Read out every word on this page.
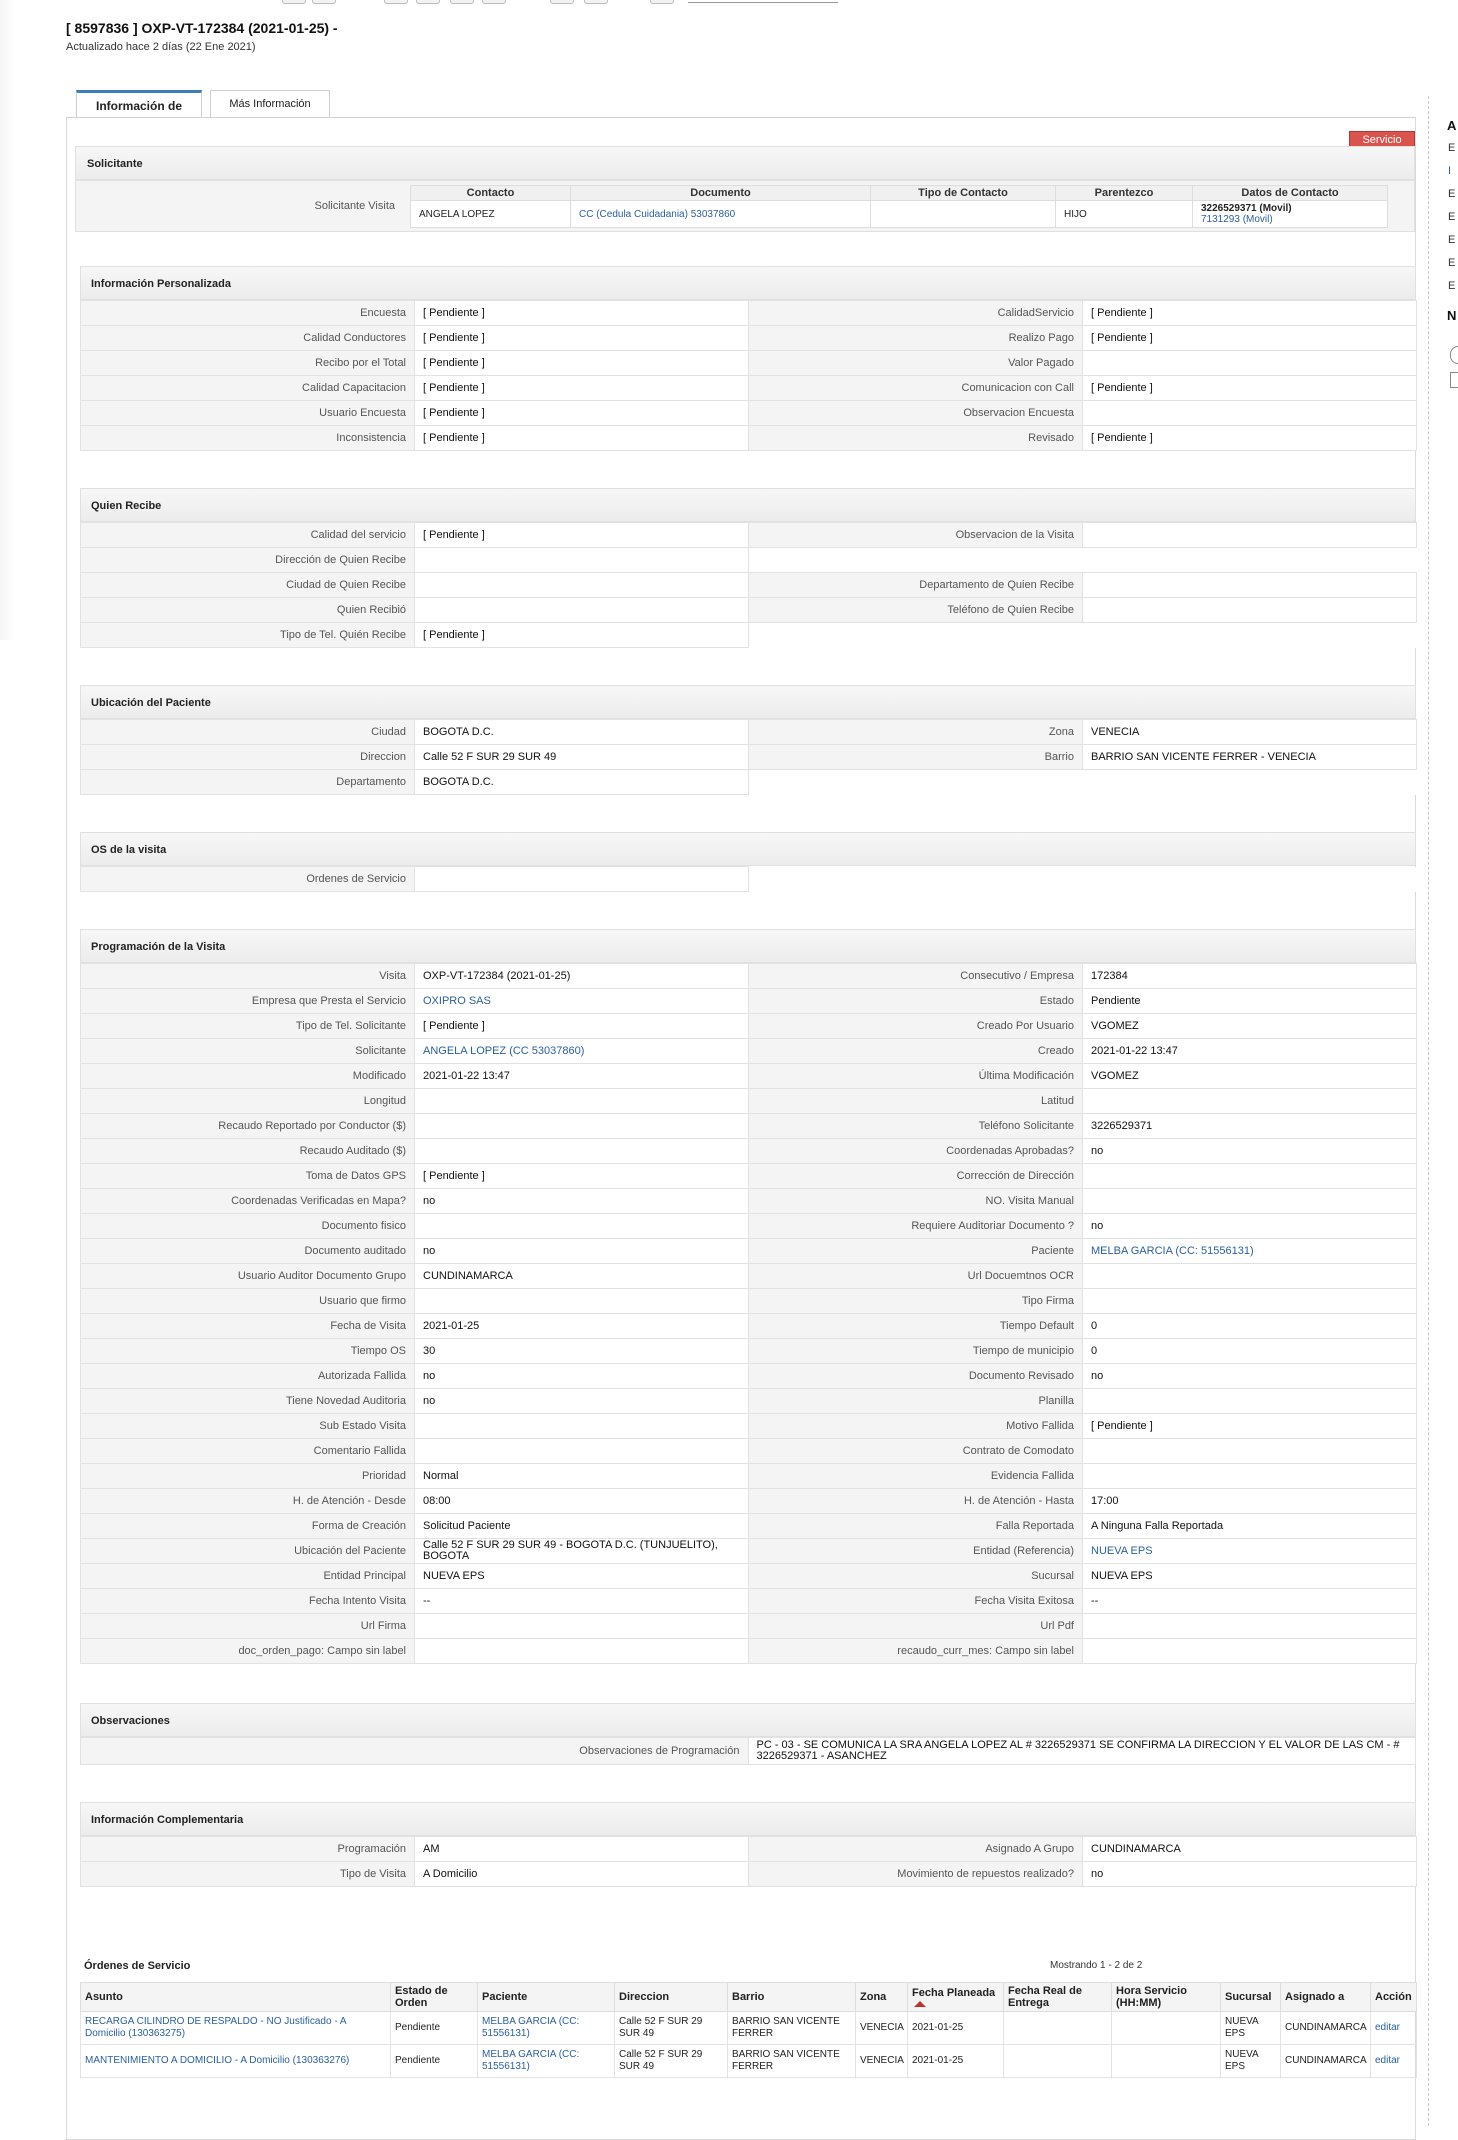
[ 8597836 ] OXP-VT-172384 (2021-01-25) -
Actualizado hace 2 días (22 Ene 2021)
Información de	Más Información
Servicio
Solicitante
Solicitante Visita
Contacto	Documento	Tipo de Contacto	Parentezco	Datos de Contacto
ANGELA LOPEZ	CC (Cedula Cuidadania) 53037860		HIJO	3226529371 (Movil)
7131293 (Movil)
Información Personalizada
Encuesta	[ Pendiente ]	CalidadServicio	[ Pendiente ]
Calidad Conductores	[ Pendiente ]	Realizo Pago	[ Pendiente ]
Recibo por el Total	[ Pendiente ]	Valor Pagado	
Calidad Capacitacion	[ Pendiente ]	Comunicacion con Call	[ Pendiente ]
Usuario Encuesta	[ Pendiente ]	Observacion Encuesta	
Inconsistencia	[ Pendiente ]	Revisado	[ Pendiente ]
Quien Recibe
Calidad del servicio	[ Pendiente ]	Observacion de la Visita	
Dirección de Quien Recibe			
Ciudad de Quien Recibe		Departamento de Quien Recibe	
Quien Recibió		Teléfono de Quien Recibe	
Tipo de Tel. Quién Recibe	[ Pendiente ]		
Ubicación del Paciente
Ciudad	BOGOTA D.C.	Zona	VENECIA
Direccion	Calle 52 F SUR 29 SUR 49	Barrio	BARRIO SAN VICENTE FERRER - VENECIA
Departamento	BOGOTA D.C.		
OS de la visita
Ordenes de Servicio		
Programación de la Visita
Visita	OXP-VT-172384 (2021-01-25)	Consecutivo / Empresa	172384
Empresa que Presta el Servicio	OXIPRO SAS	Estado	Pendiente
Tipo de Tel. Solicitante	[ Pendiente ]	Creado Por Usuario	VGOMEZ
Solicitante	ANGELA LOPEZ (CC 53037860)	Creado	2021-01-22 13:47
Modificado	2021-01-22 13:47	Última Modificación	VGOMEZ
Longitud		Latitud	
Recaudo Reportado por Conductor ($)		Teléfono Solicitante	3226529371
Recaudo Auditado ($)		Coordenadas Aprobadas?	no
Toma de Datos GPS	[ Pendiente ]	Corrección de Dirección	
Coordenadas Verificadas en Mapa?	no	NO. Visita Manual	
Documento fisico		Requiere Auditoriar Documento ?	no
Documento auditado	no	Paciente	MELBA GARCIA (CC: 51556131)
Usuario Auditor Documento Grupo	CUNDINAMARCA	Url Docuemtnos OCR	
Usuario que firmo		Tipo Firma	
Fecha de Visita	2021-01-25	Tiempo Default	0
Tiempo OS	30	Tiempo de municipio	0
Autorizada Fallida	no	Documento Revisado	no
Tiene Novedad Auditoria	no	Planilla	
Sub Estado Visita		Motivo Fallida	[ Pendiente ]
Comentario Fallida		Contrato de Comodato	
Prioridad	Normal	Evidencia Fallida	
H. de Atención - Desde	08:00	H. de Atención - Hasta	17:00
Forma de Creación	Solicitud Paciente	Falla Reportada	A Ninguna Falla Reportada
Ubicación del Paciente	Calle 52 F SUR 29 SUR 49 - BOGOTA D.C. (TUNJUELITO), BOGOTA	Entidad (Referencia)	NUEVA EPS
Entidad Principal	NUEVA EPS	Sucursal	NUEVA EPS
Fecha Intento Visita	--	Fecha Visita Exitosa	--
Url Firma		Url Pdf	
doc_orden_pago: Campo sin label		recaudo_curr_mes: Campo sin label	
Observaciones
Observaciones de Programación	PC - 03 - SE COMUNICA LA SRA ANGELA LOPEZ AL # 3226529371 SE CONFIRMA LA DIRECCION Y EL VALOR DE LAS CM - # 3226529371 - ASANCHEZ
Información Complementaria
Programación	AM	Asignado A Grupo	CUNDINAMARCA
Tipo de Visita	A Domicilio	Movimiento de repuestos realizado?	no
Órdenes de Servicio	Mostrando 1 - 2 de 2
Asunto	Estado de Orden	Paciente	Direccion	Barrio	Zona	Fecha Planeada	Fecha Real de Entrega	Hora Servicio (HH:MM)	Sucursal	Asignado a	Acción
RECARGA CILINDRO DE RESPALDO - NO Justificado - A Domicilio (130363275)	Pendiente	MELBA GARCIA (CC: 51556131)	Calle 52 F SUR 29 SUR 49	BARRIO SAN VICENTE FERRER	VENECIA	2021-01-25			NUEVA EPS	CUNDINAMARCA	editar
MANTENIMIENTO A DOMICILIO - A Domicilio (130363276)	Pendiente	MELBA GARCIA (CC: 51556131)	Calle 52 F SUR 29 SUR 49	BARRIO SAN VICENTE FERRER	VENECIA	2021-01-25			NUEVA EPS	CUNDINAMARCA	editar
A
E
I
E
E
E
E
E
N
